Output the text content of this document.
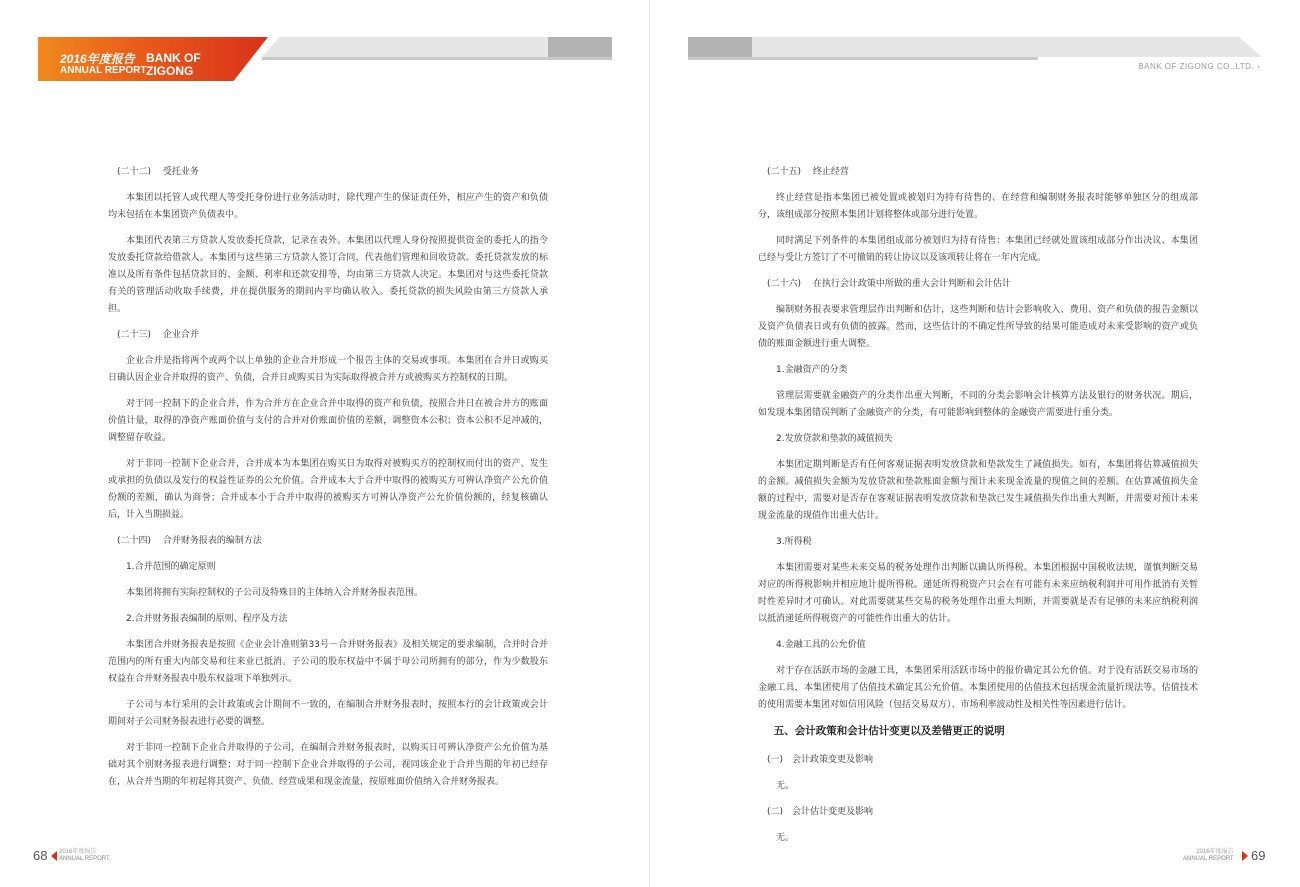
2016年度报告
ANNUAL REPORT
BANK OF ZIGONG
(二十二)　 受托业务
本集团以托管人或代理人等受托身份进行业务活动时，除代理产生的保证责任外，相应产生的资产和负债均未包括在本集团资产负债表中。
本集团代表第三方贷款人发放委托贷款，记录在表外。本集团以代理人身份按照提供资金的委托人的指令发放委托贷款给借款人。本集团与这些第三方贷款人签订合同，代表他们管理和回收贷款。委托贷款发放的标准以及所有条件包括贷款目的、金额、利率和还款安排等，均由第三方贷款人决定。本集团对与这些委托贷款有关的管理活动收取手续费，并在提供服务的期间内平均确认收入。委托贷款的损失风险由第三方贷款人承担。
(二十三)　 企业合并
企业合并是指将两个或两个以上单独的企业合并形成一个报告主体的交易或事项。本集团在合并日或购买日确认因企业合并取得的资产、负债，合并日或购买日为实际取得被合并方或被购买方控制权的日期。
对于同一控制下的企业合并，作为合并方在企业合并中取得的资产和负债，按照合并日在被合并方的账面价值计量，取得的净资产账面价值与支付的合并对价账面价值的差额，调整资本公积；资本公积不足冲减的，调整留存收益。
对于非同一控制下企业合并，合并成本为本集团在购买日为取得对被购买方的控制权而付出的资产、发生或承担的负债以及发行的权益性证券的公允价值。合并成本大于合并中取得的被购买方可辨认净资产公允价值份额的差额，确认为商誉；合并成本小于合并中取得的被购买方可辨认净资产公允价值份额的，经复核确认后，计入当期损益。
(二十四)　 合并财务报表的编制方法
1.合并范围的确定原则
本集团将拥有实际控制权的子公司及特殊目的主体纳入合并财务报表范围。
2.合并财务报表编制的原则、程序及方法
本集团合并财务报表是按照《企业会计准则第33号－合并财务报表》及相关规定的要求编制，合并时合并范围内的所有重大内部交易和往来业已抵消。子公司的股东权益中不属于母公司所拥有的部分，作为少数股东权益在合并财务报表中股东权益项下单独列示。
子公司与本行采用的会计政策或会计期间不一致的，在编制合并财务报表时，按照本行的会计政策或会计期间对子公司财务报表进行必要的调整。
对于非同一控制下企业合并取得的子公司，在编制合并财务报表时，以购买日可辨认净资产公允价值为基础对其个别财务报表进行调整；对于同一控制下企业合并取得的子公司，视同该企业于合并当期的年初已经存在，从合并当期的年初起将其资产、负债、经营成果和现金流量，按原账面价值纳入合并财务报表。
68 2016年度报告
ANNUAL REPORT
BANK OF ZIGONG CO.,LTD. ›
(二十五)　 终止经营
终止经营是指本集团已被处置或被划归为持有待售的、在经营和编制财务报表时能够单独区分的组成部分，该组成部分按照本集团计划将整体或部分进行处置。
同时满足下列条件的本集团组成部分被划归为持有待售：本集团已经就处置该组成部分作出决议、本集团已经与受让方签订了不可撤销的转让协议以及该项转让将在一年内完成。
(二十六)　 在执行会计政策中所做的重大会计判断和会计估计
编制财务报表要求管理层作出判断和估计，这些判断和估计会影响收入、费用、资产和负债的报告金额以及资产负债表日或有负债的披露。然而，这些估计的不确定性所导致的结果可能造成对未来受影响的资产或负债的账面金额进行重大调整。
1.金融资产的分类
管理层需要就金融资产的分类作出重大判断，不同的分类会影响会计核算方法及银行的财务状况。期后，如发现本集团错误判断了金融资产的分类，有可能影响到整体的金融资产需要进行重分类。
2.发放贷款和垫款的减值损失
本集团定期判断是否有任何客观证据表明发放贷款和垫款发生了减值损失。如有，本集团将估算减值损失的金额。减值损失金额为发放贷款和垫款账面金额与预计未来现金流量的现值之间的差额。在估算减值损失金额的过程中，需要对是否存在客观证据表明发放贷款和垫款已发生减值损失作出重大判断，并需要对预计未来现金流量的现值作出重大估计。
3.所得税
本集团需要对某些未来交易的税务处理作出判断以确认所得税。本集团根据中国税收法规，谨慎判断交易对应的所得税影响并相应地计提所得税。递延所得税资产只会在有可能有未来应纳税利润并可用作抵消有关暂时性差异时才可确认。对此需要就某些交易的税务处理作出重大判断，并需要就是否有足够的未来应纳税利润以抵消递延所得税资产的可能性作出重大的估计。
4.金融工具的公允价值
对于存在活跃市场的金融工具，本集团采用活跃市场中的报价确定其公允价值。对于没有活跃交易市场的金融工具，本集团使用了估值技术确定其公允价值。本集团使用的估值技术包括现金流量折现法等。估值技术的使用需要本集团对如信用风险（包括交易双方）、市场利率波动性及相关性等因素进行估计。
五、会计政策和会计估计变更以及差错更正的说明
(一)　会计政策变更及影响
无。
(二)　会计估计变更及影响
无。
2016年度报告
ANNUAL REPORT 69
